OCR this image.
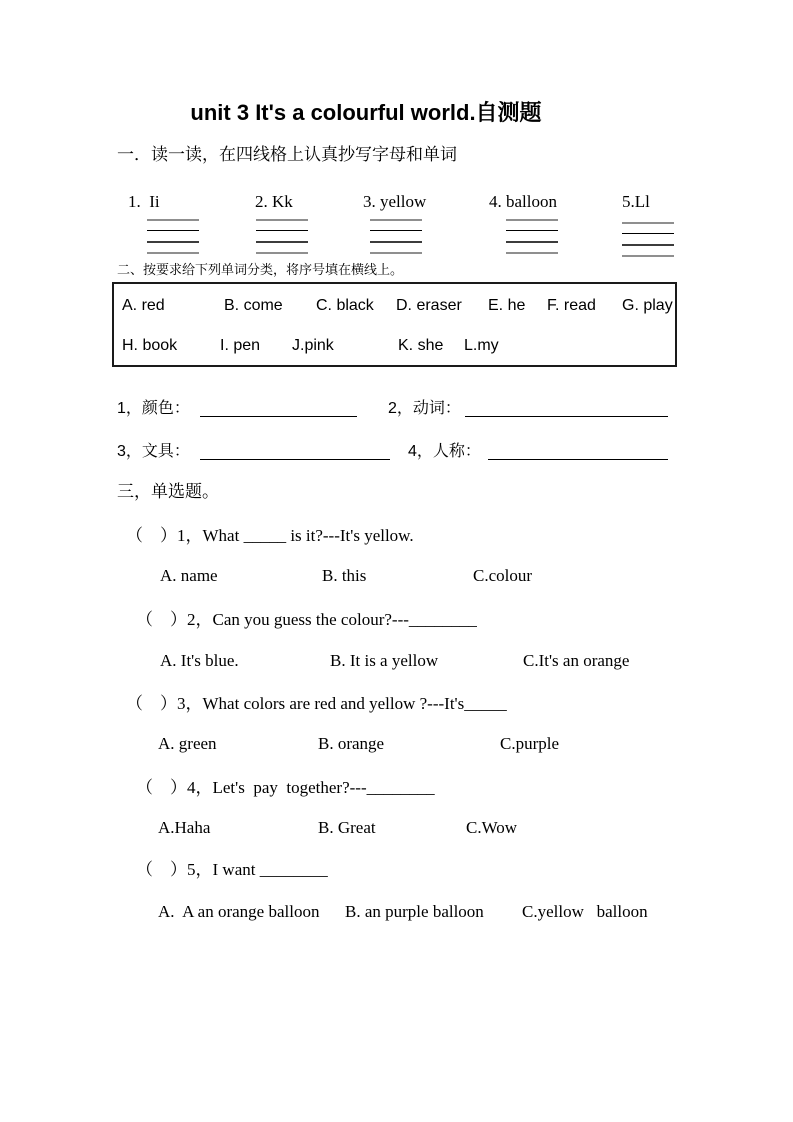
unit 3 It's a colourful world.自测题
一．读一读，在四线格上认真抄写字母和单词
1.  Ii	2. Kk	3. yellow	4. balloon	5.Ll
二、按要求给下列单词分类，将序号填在横线上。
A. red	B. come C. black D. eraser E. he F. read G. play
H. book	I. pen J.pink	K. she L.my
1，颜色：	2，动词：
3，文具：	4，人称：
三，单选题。
（　）1，What _____ is it?---It's yellow.
A. name	B. this	C.colour
（　）2，Can you guess the colour?---________
A. It's blue.	B. It is a yellow	C.It's an orange
（　）3，What colors are red and yellow ?---It's_____
A. green	B. orange	C.purple
（　）4，Let's  pay  together?---________
A.Haha	B. Great	C.Wow
（　）5，I want ________
A.  A an orange balloon B. an purple balloon C.yellow   balloon
